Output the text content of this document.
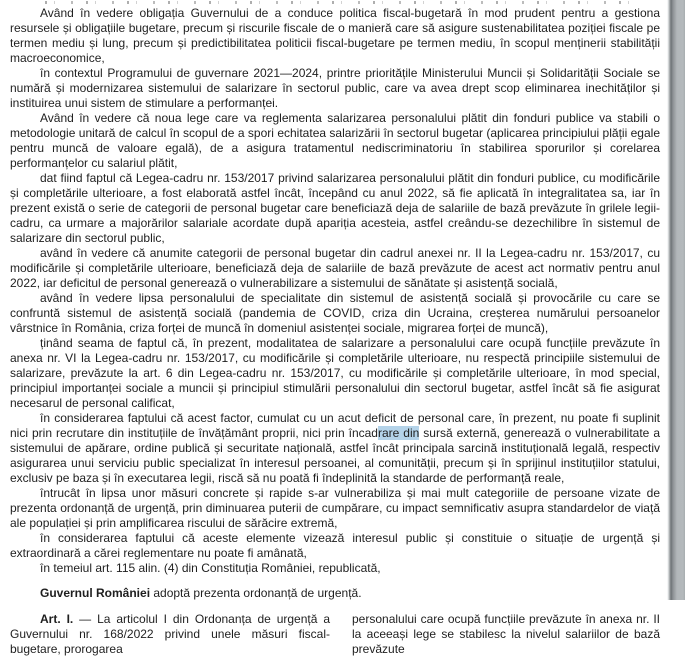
Având în vedere obligația Guvernului de a conduce politica fiscal-bugetară în mod prudent pentru a gestiona resursele și obligațiile bugetare, precum și riscurile fiscale de o manieră care să asigure sustenabilitatea poziției fiscale pe termen mediu și lung, precum și predictibilitatea politicii fiscal-bugetare pe termen mediu, în scopul menținerii stabilității macroeconomice,

în contextul Programului de guvernare 2021—2024, printre prioritățile Ministerului Muncii și Solidarității Sociale se numără și modernizarea sistemului de salarizare în sectorul public, care va avea drept scop eliminarea inechităților și instituirea unui sistem de stimulare a performanței.

Având în vedere că noua lege care va reglementa salarizarea personalului plătit din fonduri publice va stabili o metodologie unitară de calcul în scopul de a spori echitatea salarizării în sectorul bugetar (aplicarea principiului plății egale pentru muncă de valoare egală), de a asigura tratamentul nediscriminatoriu în stabilirea sporurilor și corelarea performanțelor cu salariul plătit,

dat fiind faptul că Legea-cadru nr. 153/2017 privind salarizarea personalului plătit din fonduri publice, cu modificările și completările ulterioare, a fost elaborată astfel încât, începând cu anul 2022, să fie aplicată în integralitatea sa, iar în prezent există o serie de categorii de personal bugetar care beneficiază deja de salariile de bază prevăzute în grilele legii-cadru, ca urmare a majorărilor salariale acordate după apariția acesteia, astfel creându-se dezechilibre în sistemul de salarizare din sectorul public,

având în vedere că anumite categorii de personal bugetar din cadrul anexei nr. II la Legea-cadru nr. 153/2017, cu modificările și completările ulterioare, beneficiază deja de salariile de bază prevăzute de acest act normativ pentru anul 2022, iar deficitul de personal generează o vulnerabilizare a sistemului de sănătate și asistență socială,

având în vedere lipsa personalului de specialitate din sistemul de asistență socială și provocările cu care se confruntă sistemul de asistență socială (pandemia de COVID, criza din Ucraina, creșterea numărului persoanelor vârstnice în România, criza forței de muncă în domeniul asistenței sociale, migrarea forței de muncă),

ținând seama de faptul că, în prezent, modalitatea de salarizare a personalului care ocupă funcțiile prevăzute în anexa nr. VI la Legea-cadru nr. 153/2017, cu modificările și completările ulterioare, nu respectă principiile sistemului de salarizare, prevăzute la art. 6 din Legea-cadru nr. 153/2017, cu modificările și completările ulterioare, în mod special, principiul importanței sociale a muncii și principiul stimulării personalului din sectorul bugetar, astfel încât să fie asigurat necesarul de personal calificat,

în considerarea faptului că acest factor, cumulat cu un acut deficit de personal care, în prezent, nu poate fi suplinit nici prin recrutare din instituțiile de învățământ proprii, nici prin încadrare din sursă externă, generează o vulnerabilitate a sistemului de apărare, ordine publică și securitate națională, astfel încât principala sarcină instituțională legală, respectiv asigurarea unui serviciu public specializat în interesul persoanei, al comunității, precum și în sprijinul instituțiilor statului, exclusiv pe baza și în executarea legii, riscă să nu poată fi îndeplinită la standarde de performanță reale,

întrucât în lipsa unor măsuri concrete și rapide s-ar vulnerabiliza și mai mult categoriile de persoane vizate de prezenta ordonanță de urgență, prin diminuarea puterii de cumpărare, cu impact semnificativ asupra standardelor de viață ale populației și prin amplificarea riscului de sărăcire extremă,

în considerarea faptului că aceste elemente vizează interesul public și constituie o situație de urgență și extraordinară a cărei reglementare nu poate fi amânată,

în temeiul art. 115 alin. (4) din Constituția României, republicată,

Guvernul României adoptă prezenta ordonanță de urgență.

Art. I. — La articolul I din Ordonanța de urgență a Guvernului nr. 168/2022 privind unele măsuri fiscal-bugetare, prorogarea

personalului care ocupă funcțiile prevăzute în anexa nr. II la aceeași lege se stabilesc la nivelul salariilor de bază prevăzute
